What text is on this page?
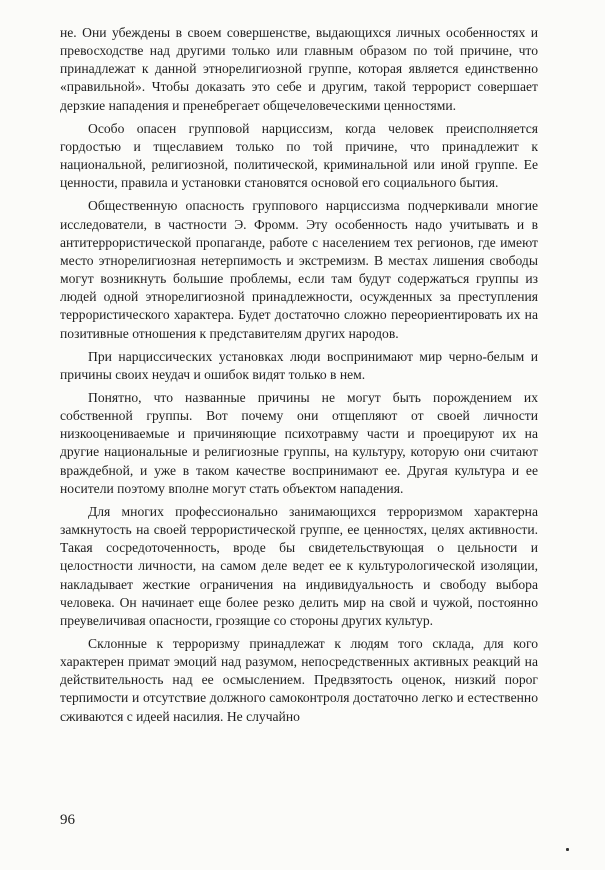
не. Они убеждены в своем совершенстве, выдающихся личных особенностях и превосходстве над другими только или главным образом по той причине, что принадлежат к данной этнорелигиозной группе, которая является единственно «правильной». Чтобы доказать это себе и другим, такой террорист совершает дерзкие нападения и пренебрегает общечеловеческими ценностями.

Особо опасен групповой нарциссизм, когда человек преисполняется гордостью и тщеславием только по той причине, что принадлежит к национальной, религиозной, политической, криминальной или иной группе. Ее ценности, правила и установки становятся основой его социального бытия.

Общественную опасность группового нарциссизма подчеркивали многие исследователи, в частности Э. Фромм. Эту особенность надо учитывать и в антитеррористической пропаганде, работе с населением тех регионов, где имеют место этнорелигиозная нетерпимость и экстремизм. В местах лишения свободы могут возникнуть большие проблемы, если там будут содержаться группы из людей одной этнорелигиозной принадлежности, осужденных за преступления террористического характера. Будет достаточно сложно переориентировать их на позитивные отношения к представителям других народов.

При нарциссических установках люди воспринимают мир черно-белым и причины своих неудач и ошибок видят только в нем.

Понятно, что названные причины не могут быть порождением их собственной группы. Вот почему они отщепляют от своей личности низкооцениваемые и причиняющие психотравму части и проецируют их на другие национальные и религиозные группы, на культуру, которую они считают враждебной, и уже в таком качестве воспринимают ее. Другая культура и ее носители поэтому вполне могут стать объектом нападения.

Для многих профессионально занимающихся терроризмом характерна замкнутость на своей террористической группе, ее ценностях, целях активности. Такая сосредоточенность, вроде бы свидетельствующая о цельности и целостности личности, на самом деле ведет ее к культурологической изоляции, накладывает жесткие ограничения на индивидуальность и свободу выбора человека. Он начинает еще более резко делить мир на свой и чужой, постоянно преувеличивая опасности, грозящие со стороны других культур.

Склонные к терроризму принадлежат к людям того склада, для кого характерен примат эмоций над разумом, непосредственных активных реакций на действительность над ее осмыслением. Предвзятость оценок, низкий порог терпимости и отсутствие должного самоконтроля достаточно легко и естественно сживаются с идеей насилия. Не случайно

96
